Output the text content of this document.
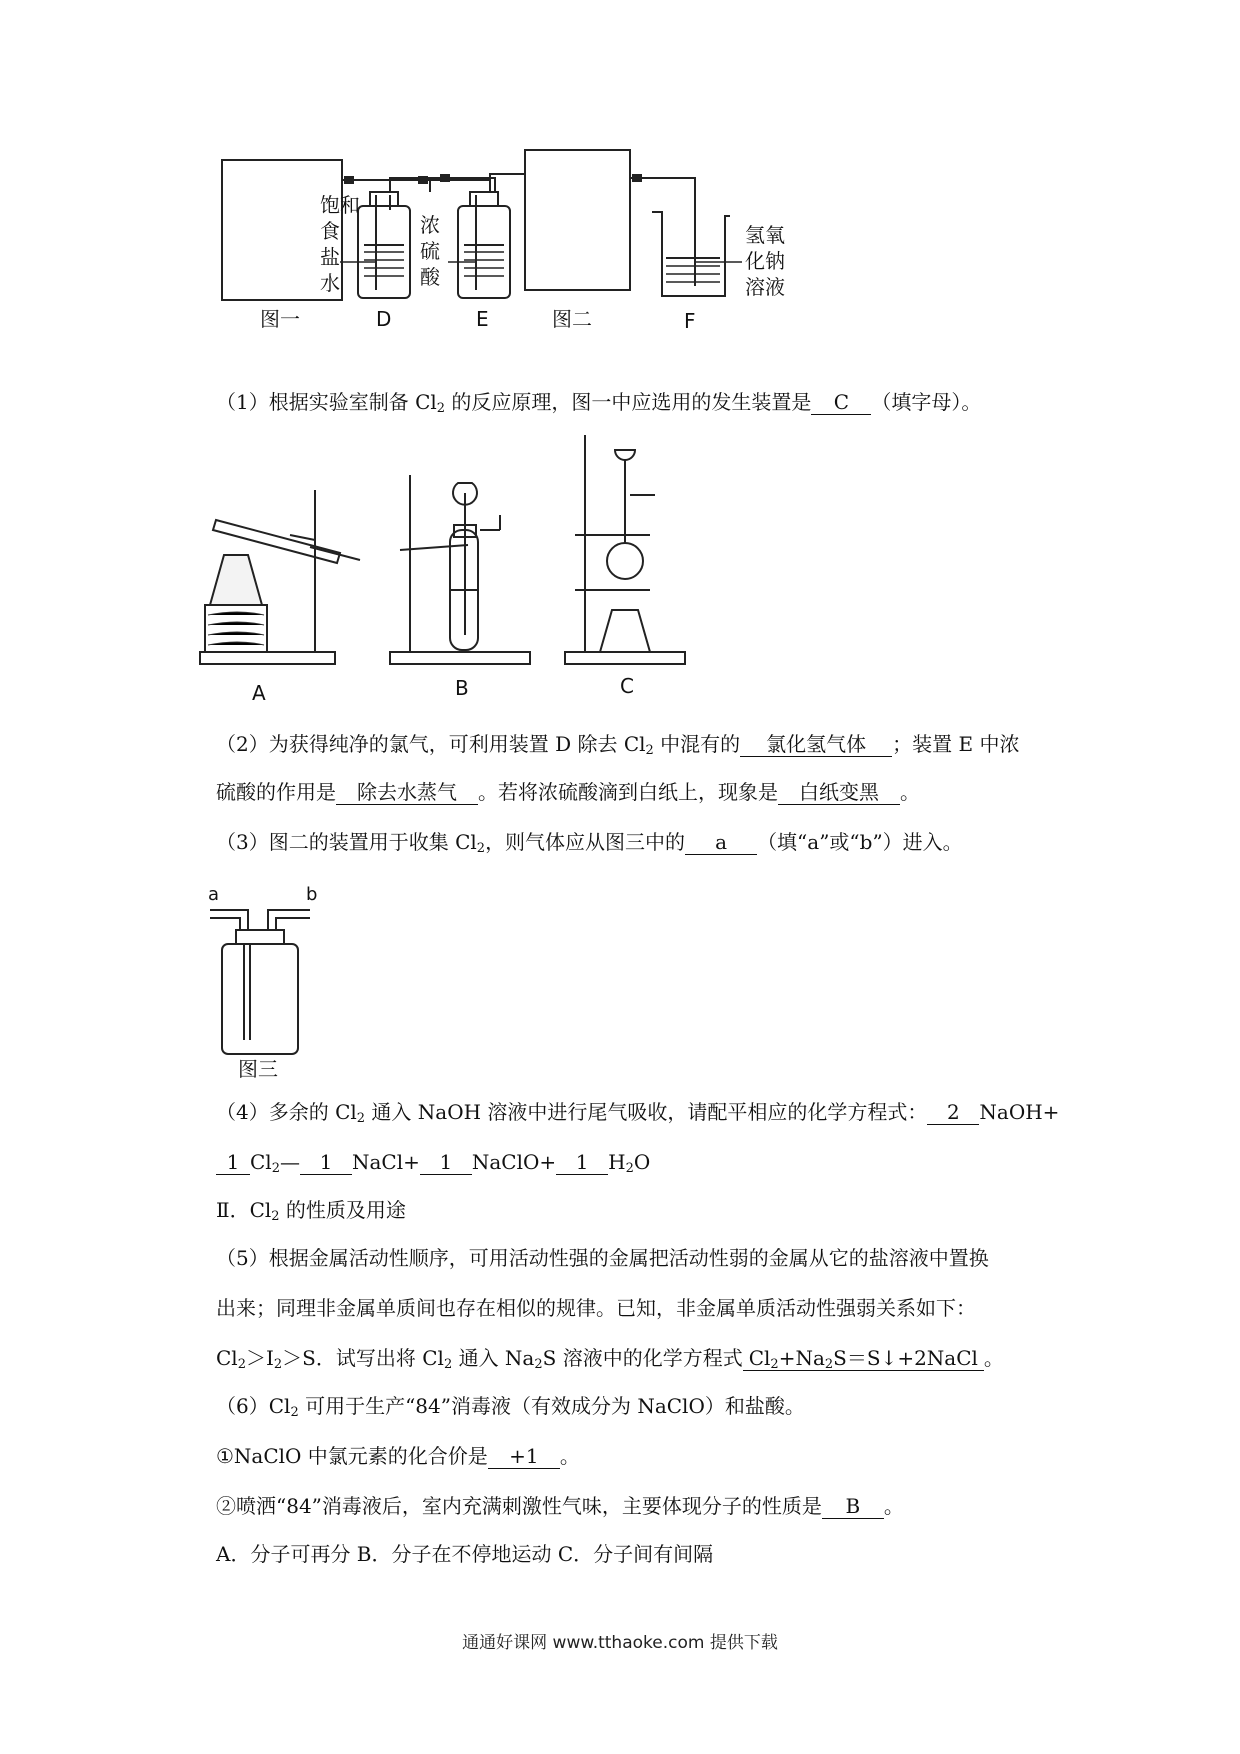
图一	D	E	图二	F
饱和
食
盐
水
浓
硫
酸
氢氧
化钠
溶液
（1）根据实验室制备 $Cl_2$ 的反应原理，图一中应选用的发生装置是 C （填字母）。
A	B	C
（2）为获得纯净的氯气，可利用装置 D 除去 $Cl_2$ 中混有的 氯化氢气体 ；装置 E 中浓
硫酸的作用是 除去水蒸气 。若将浓硫酸滴到白纸上，现象是 白纸变黑 。
（3）图二的装置用于收集 $Cl_2$，则气体应从图三中的 a （填“a”或“b”）进入。
a	b
图三
（4）多余的 $Cl_2$ 通入 NaOH 溶液中进行尾气吸收，请配平相应的化学方程式： 2 NaOH+
1 $Cl_2—$ 1 NaCl+ 1 NaClO+ 1 $H_2O$
Ⅱ．$Cl_2$ 的性质及用途
（5）根据金属活动性顺序，可用活动性强的金属把活动性弱的金属从它的盐溶液中置换
出来；同理非金属单质间也存在相似的规律。已知，非金属单质活动性强弱关系如下：
$Cl_2>I_2>S$．试写出将 $Cl_2$ 通入 $Na_2S$ 溶液中的化学方程式 $Cl_2+Na_2S=S↓+2NaCl$ 。
$(6)Cl_2$ 可用于生产“84”消毒液（有效成分为 NaClO）和盐酸。
①NaClO 中氯元素的化合价是 +1 。
②喷洒“84”消毒液后，室内充满刺激性气味，主要体现分子的性质是 B 。
A．分子可再分 B．分子在不停地运动 C．分子间有间隔
通通好课网 www.tthaoke.com 提供下载
